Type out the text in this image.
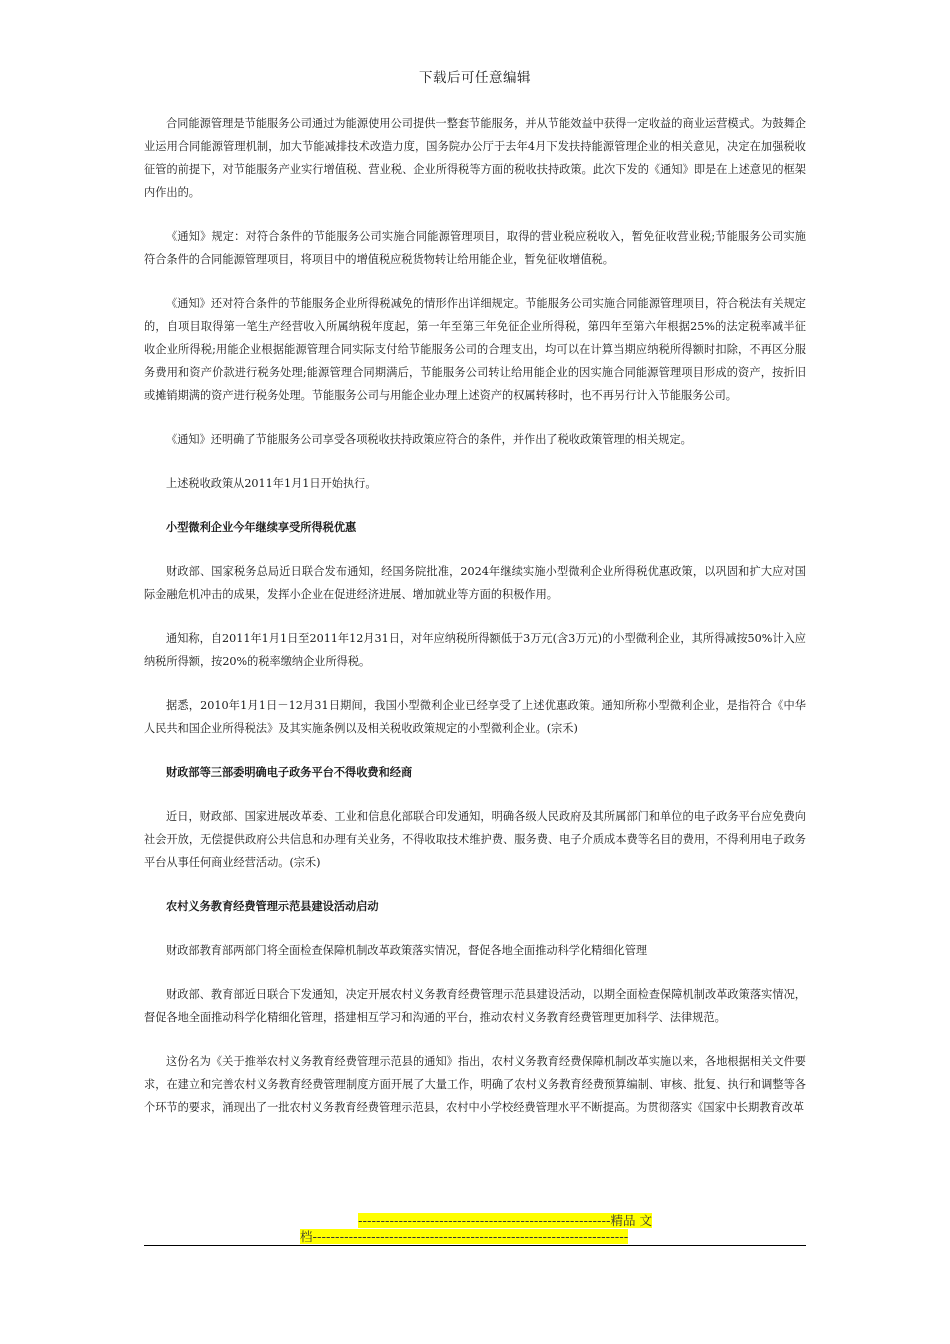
下载后可任意编辑

合同能源管理是节能服务公司通过为能源使用公司提供一整套节能服务，并从节能效益中获得一定收益的商业运营模式。为鼓舞企业运用合同能源管理机制，加大节能减排技术改造力度，国务院办公厅于去年4月下发扶持能源管理企业的相关意见，决定在加强税收征管的前提下，对节能服务产业实行增值税、营业税、企业所得税等方面的税收扶持政策。此次下发的《通知》即是在上述意见的框架内作出的。

《通知》规定：对符合条件的节能服务公司实施合同能源管理项目，取得的营业税应税收入，暂免征收营业税;节能服务公司实施符合条件的合同能源管理项目，将项目中的增值税应税货物转让给用能企业，暂免征收增值税。

《通知》还对符合条件的节能服务企业所得税减免的情形作出详细规定。节能服务公司实施合同能源管理项目，符合税法有关规定的，自项目取得第一笔生产经营收入所属纳税年度起，第一年至第三年免征企业所得税，第四年至第六年根据25%的法定税率减半征收企业所得税;用能企业根据能源管理合同实际支付给节能服务公司的合理支出，均可以在计算当期应纳税所得额时扣除，不再区分服务费用和资产价款进行税务处理;能源管理合同期满后，节能服务公司转让给用能企业的因实施合同能源管理项目形成的资产，按折旧或摊销期满的资产进行税务处理。节能服务公司与用能企业办理上述资产的权属转移时，也不再另行计入节能服务公司。

《通知》还明确了节能服务公司享受各项税收扶持政策应符合的条件，并作出了税收政策管理的相关规定。

上述税收政策从2011年1月1日开始执行。

小型微利企业今年继续享受所得税优惠

财政部、国家税务总局近日联合发布通知，经国务院批准，2024年继续实施小型微利企业所得税优惠政策，以巩固和扩大应对国际金融危机冲击的成果，发挥小企业在促进经济进展、增加就业等方面的积极作用。

通知称，自2011年1月1日至2011年12月31日，对年应纳税所得额低于3万元(含3万元)的小型微利企业，其所得减按50%计入应纳税所得额，按20%的税率缴纳企业所得税。

据悉，2010年1月1日－12月31日期间，我国小型微利企业已经享受了上述优惠政策。通知所称小型微利企业，是指符合《中华人民共和国企业所得税法》及其实施条例以及相关税收政策规定的小型微利企业。(宗禾)

财政部等三部委明确电子政务平台不得收费和经商

近日，财政部、国家进展改革委、工业和信息化部联合印发通知，明确各级人民政府及其所属部门和单位的电子政务平台应免费向社会开放，无偿提供政府公共信息和办理有关业务，不得收取技术维护费、服务费、电子介质成本费等名目的费用，不得利用电子政务平台从事任何商业经营活动。(宗禾)

农村义务教育经费管理示范县建设活动启动

财政部教育部两部门将全面检查保障机制改革政策落实情况，督促各地全面推动科学化精细化管理

财政部、教育部近日联合下发通知，决定开展农村义务教育经费管理示范县建设活动，以期全面检查保障机制改革政策落实情况，督促各地全面推动科学化精细化管理，搭建相互学习和沟通的平台，推动农村义务教育经费管理更加科学、法律规范。

这份名为《关于推举农村义务教育经费管理示范县的通知》指出，农村义务教育经费保障机制改革实施以来，各地根据相关文件要求，在建立和完善农村义务教育经费管理制度方面开展了大量工作，明确了农村义务教育经费预算编制、审核、批复、执行和调整等各个环节的要求，涌现出了一批农村义务教育经费管理示范县，农村中小学校经费管理水平不断提高。为贯彻落实《国家中长期教育改革

--------------------------------------------------------精品 文
档----------------------------------------------------------------------
